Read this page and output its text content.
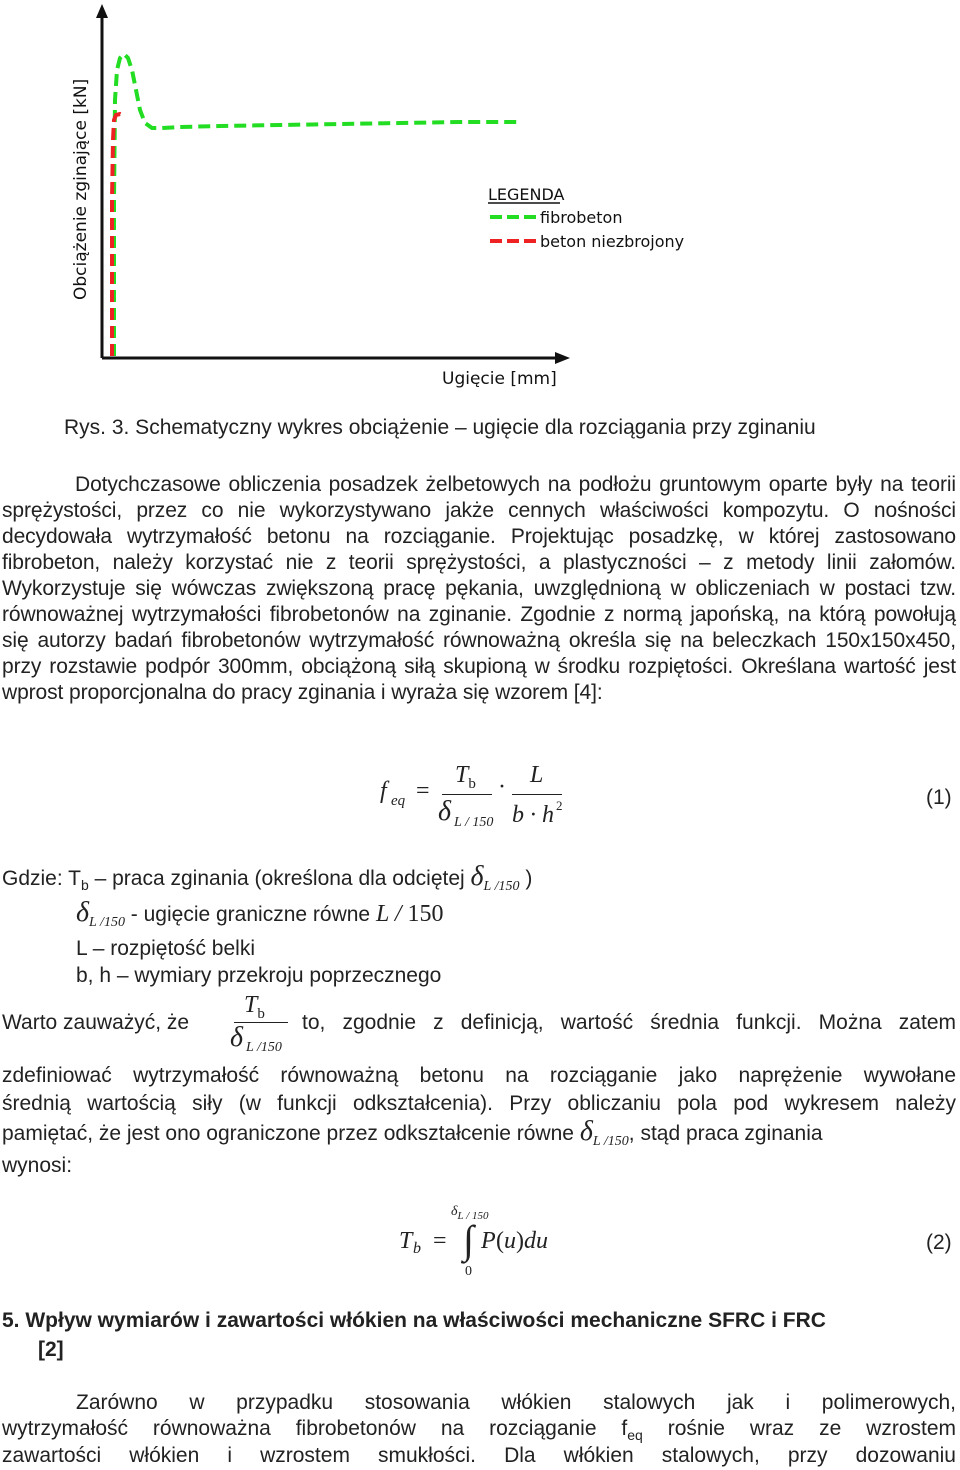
Obciążenie zginające [kN]
Ugięcie [mm]
LEGENDA
fibrobeton
beton niezbrojony
Rys. 3. Schematyczny wykres obciążenie – ugięcie dla rozciągania przy zginaniu
Dotychczasowe obliczenia posadzek żelbetowych na podłożu gruntowym oparte były na teorii sprężystości, przez co nie wykorzystywano jakże cennych właściwości kompozytu. O nośności decydowała wytrzymałość betonu na rozciąganie. Projektując posadzkę, w której zastosowano fibrobeton, należy korzystać nie z teorii sprężystości, a plastyczności – z metody linii załomów. Wykorzystuje się wówczas zwiększoną pracę pękania, uwzględnioną w obliczeniach w postaci tzw. równoważnej wytrzymałości fibrobetonów na zginanie. Zgodnie z normą japońską, na którą powołują się autorzy badań fibrobetonów wytrzymałość równoważną określa się na beleczkach 150x150x450, przy rozstawie podpór 300mm, obciążoną siłą skupioną w środku rozpiętości. Określana wartość jest wprost proporcjonalna do pracy zginania i wyraża się wzorem [4]:
f eq =
$T_b$
δ L / 150
· L
b · h 2	(1)
Gdzie: $T_b$ – praca zginania (określona dla odciętej $\delta_{L /150}$ )
$\delta_{L /150}$ - ugięcie graniczne równe L / 150
L – rozpiętość belki
b, h – wymiary przekroju poprzecznego
Warto zauważyć, że
$T_b$
δ L /150
to, zgodnie z definicją, wartość średnia funkcji. Można zatem
zdefiniować wytrzymałość równoważną betonu na rozciąganie jako naprężenie wywołane
średnią wartością siły (w funkcji odkształcenia). Przy obliczaniu pola pod wykresem należy
pamiętać, że jest ono ograniczone przez odkształcenie równe $\delta_{L /150}$, stąd praca zginania
wynosi:
T b =
$\delta_{L / 150}$
∫
0
P (u)du	(2)
5. Wpływ wymiarów i zawartości włókien na właściwości mechaniczne SFRC i FRC
[2]
Zarówno w przypadku stosowania włókien stalowych jak i polimerowych,
wytrzymałość równoważna fibrobetonów na rozciąganie $f_{eq}$ rośnie wraz ze wzrostem
zawartości włókien i wzrostem smukłości. Dla włókien stalowych, przy dozowaniu
